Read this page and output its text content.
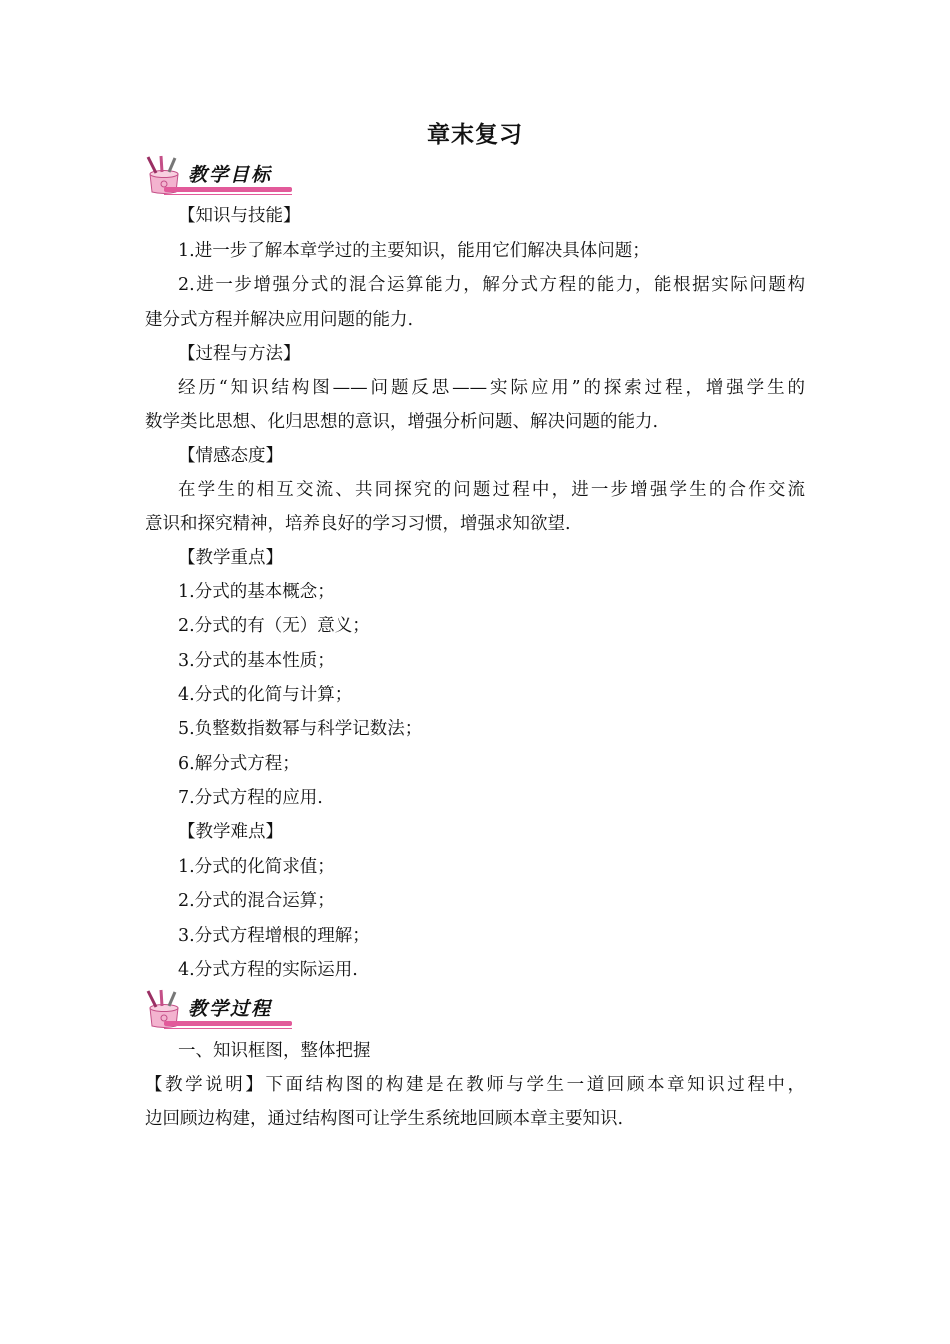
章末复习
教学目标
【知识与技能】
1.进一步了解本章学过的主要知识，能用它们解决具体问题；
2.进一步增强分式的混合运算能力，解分式方程的能力，能根据实际问题构
建分式方程并解决应用问题的能力.
【过程与方法】
经历“知识结构图——问题反思——实际应用”的探索过程，增强学生的
数学类比思想、化归思想的意识，增强分析问题、解决问题的能力.
【情感态度】
在学生的相互交流、共同探究的问题过程中，进一步增强学生的合作交流
意识和探究精神，培养良好的学习习惯，增强求知欲望.
【教学重点】
1.分式的基本概念；
2.分式的有（无）意义；
3.分式的基本性质；
4.分式的化简与计算；
5.负整数指数幂与科学记数法；
6.解分式方程；
7.分式方程的应用.
【教学难点】
1.分式的化简求值；
2.分式的混合运算；
3.分式方程增根的理解；
4.分式方程的实际运用.
教学过程
一、知识框图，整体把握
【教学说明】下面结构图的构建是在教师与学生一道回顾本章知识过程中，
边回顾边构建，通过结构图可让学生系统地回顾本章主要知识.
